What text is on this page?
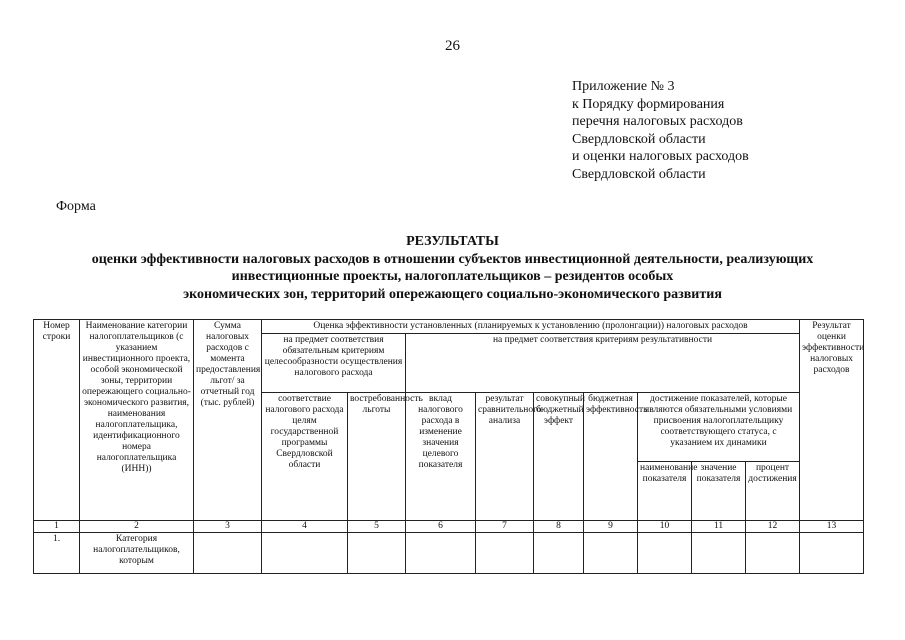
26
Приложение № 3
к Порядку формирования
перечня налоговых расходов
Свердловской области
и оценки налоговых расходов
Свердловской области
Форма
РЕЗУЛЬТАТЫ
оценки эффективности налоговых расходов в отношении субъектов инвестиционной деятельности, реализующих
инвестиционные проекты, налогоплательщиков – резидентов особых
экономических зон, территорий опережающего социально-экономического развития
Номер строки	Наименование категории налогоплательщиков (с указанием инвестиционного проекта, особой экономической зоны, территории опережающего социально-экономического развития, наименования налогоплательщика, идентификационного номера налогоплательщика (ИНН))	Сумма налоговых расходов с момента предоставления льгот/ за отчетный год (тыс. рублей)	Оценка эффективности установленных (планируемых к установлению (пролонгации)) налоговых расходов									Результат оценки эффективности налоговых расходов
			на предмет соответствия обязательным критериям целесообразности осуществления налогового расхода		на предмет соответствия критериям результативности							
			соответствие налогового расхода целям государственной программы Свердловской области	востребованность льготы	вклад налогового расхода в изменение значения целевого показателя	результат сравнительного анализа	совокупный бюджетный эффект	бюджетная эффективность	достижение показателей, которые являются обязательными условиями присвоения налогоплательщику соответствующего статуса, с указанием их динамики			
									наименование показателя	значение показателя	процент достижения	
1	2	3	4	5	6	7	8	9	10	11	12	13
1.	Категория налогоплательщиков, которым											
